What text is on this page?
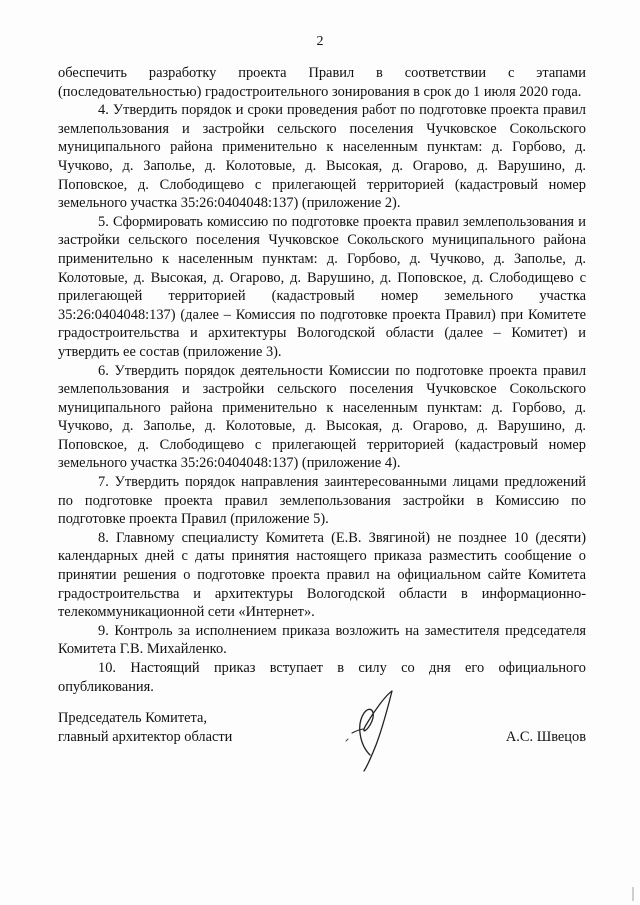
2

обеспечить разработку проекта Правил в соответствии с этапами (последовательностью) градостроительного зонирования в срок до 1 июля 2020 года.

4. Утвердить порядок и сроки проведения работ по подготовке проекта правил землепользования и застройки сельского поселения Чучковское Сокольского муниципального района применительно к населенным пунктам: д. Горбово, д. Чучково, д. Заполье, д. Колотовые, д. Высокая, д. Огарово, д. Варушино, д. Поповское, д. Слободищево с прилегающей территорией (кадастровый номер земельного участка 35:26:0404048:137) (приложение 2).

5. Сформировать комиссию по подготовке проекта правил землепользования и застройки сельского поселения Чучковское Сокольского муниципального района применительно к населенным пунктам: д. Горбово, д. Чучково, д. Заполье, д. Колотовые, д. Высокая, д. Огарово, д. Варушино, д. Поповское, д. Слободищево с прилегающей территорией (кадастровый номер земельного участка 35:26:0404048:137) (далее – Комиссия по подготовке проекта Правил) при Комитете градостроительства и архитектуры Вологодской области (далее – Комитет) и утвердить ее состав (приложение 3).

6. Утвердить порядок деятельности Комиссии по подготовке проекта правил землепользования и застройки сельского поселения Чучковское Сокольского муниципального района применительно к населенным пунктам: д. Горбово, д. Чучково, д. Заполье, д. Колотовые, д. Высокая, д. Огарово, д. Варушино, д. Поповское, д. Слободищево с прилегающей территорией (кадастровый номер земельного участка 35:26:0404048:137) (приложение 4).

7. Утвердить порядок направления заинтересованными лицами предложений по подготовке проекта правил землепользования застройки в Комиссию по подготовке проекта Правил (приложение 5).

8. Главному специалисту Комитета (Е.В. Звягиной) не позднее 10 (десяти) календарных дней с даты принятия настоящего приказа разместить сообщение о принятии решения о подготовке проекта правил на официальном сайте Комитета градостроительства и архитектуры Вологодской области в информационно-телекоммуникационной сети «Интернет».

9. Контроль за исполнением приказа возложить на заместителя председателя Комитета Г.В. Михайленко.

10. Настоящий приказ вступает в силу со дня его официального опубликования.

Председатель Комитета,
главный архитектор области	А.С. Швецов
